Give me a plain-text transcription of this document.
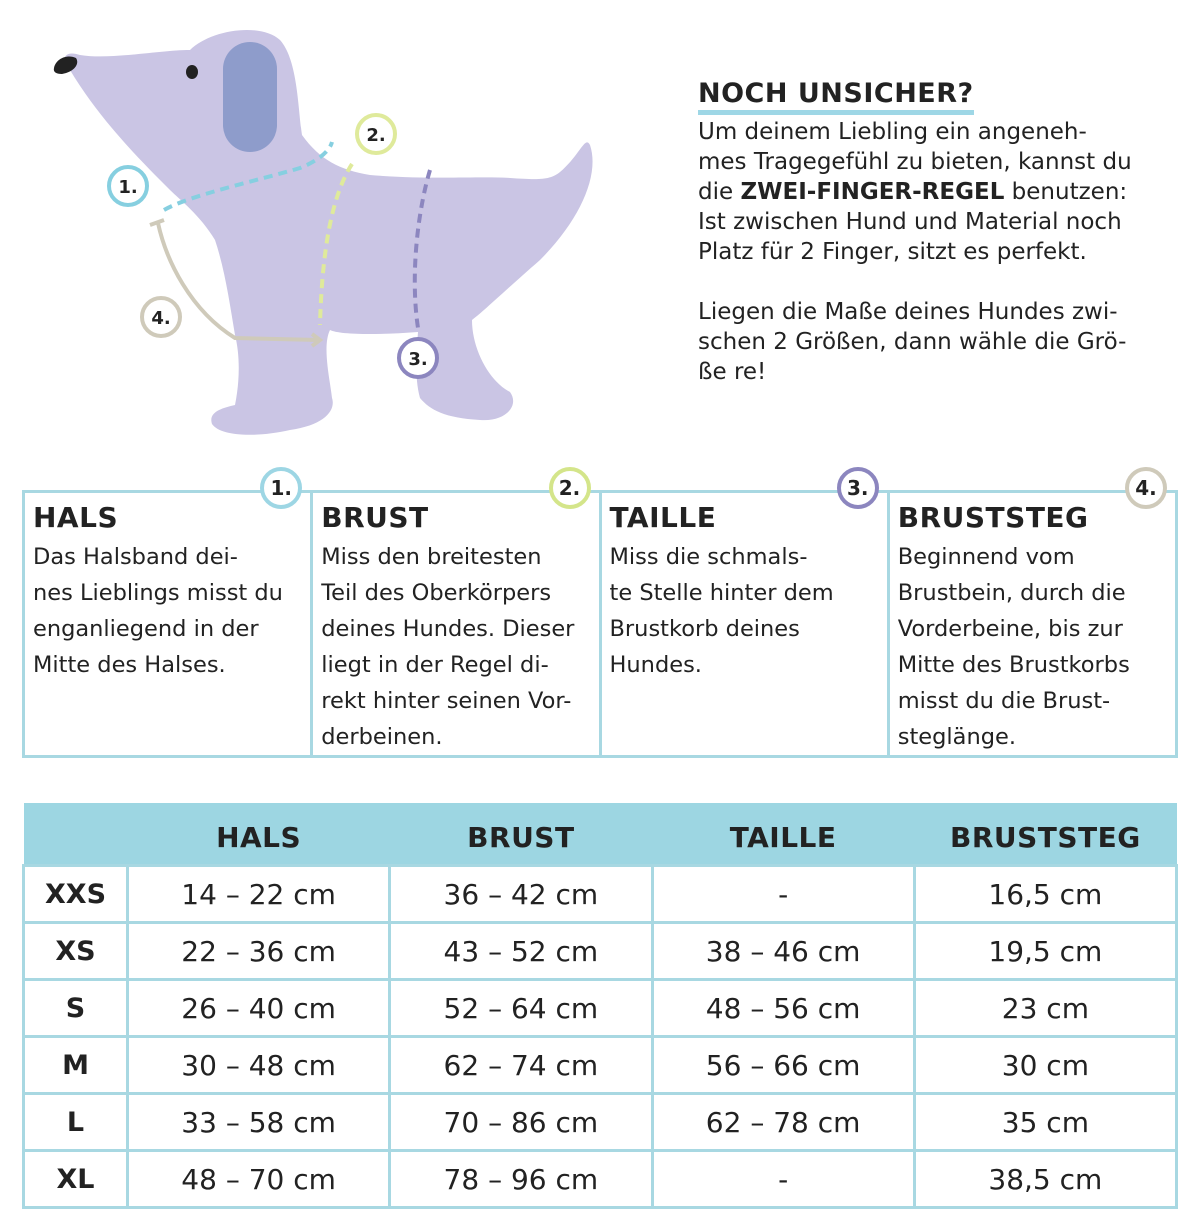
1.
2.
3.
4.
NOCH UNSICHER?

Um deinem Liebling ein angeneh-
mes Tragegefühl zu bieten, kannst du
die ZWEI-FINGER-REGEL benutzen:
Ist zwischen Hund und Material noch
Platz für 2 Finger, sitzt es perfekt.

Liegen die Maße deines Hundes zwi-
schen 2 Größen, dann wähle die Grö-
ße re!

1.
HALS

Das Halsband dei-
nes Lieblings misst du
enganliegend in der
Mitte des Halses.

2.
BRUST

Miss den breitesten
Teil des Oberkörpers
deines Hundes. Dieser
liegt in der Regel di-
rekt hinter seinen Vor-
derbeinen.

3.
TAILLE

Miss die schmals-
te Stelle hinter dem
Brustkorb deines
Hundes.

4.
BRUSTSTEG

Beginnend vom
Brustbein, durch die
Vorderbeine, bis zur
Mitte des Brustkorbs
misst du die Brust-
steglänge.

	HALS	BRUST	TAILLE	BRUSTSTEG
XXS	14 – 22 cm	36 – 42 cm	-	16,5 cm
XS	22 – 36 cm	43 – 52 cm	38 – 46 cm	19,5 cm
S	26 – 40 cm	52 – 64 cm	48 – 56 cm	23 cm
M	30 – 48 cm	62 – 74 cm	56 – 66 cm	30 cm
L	33 – 58 cm	70 – 86 cm	62 – 78 cm	35 cm
XL	48 – 70 cm	78 – 96 cm	-	38,5 cm
